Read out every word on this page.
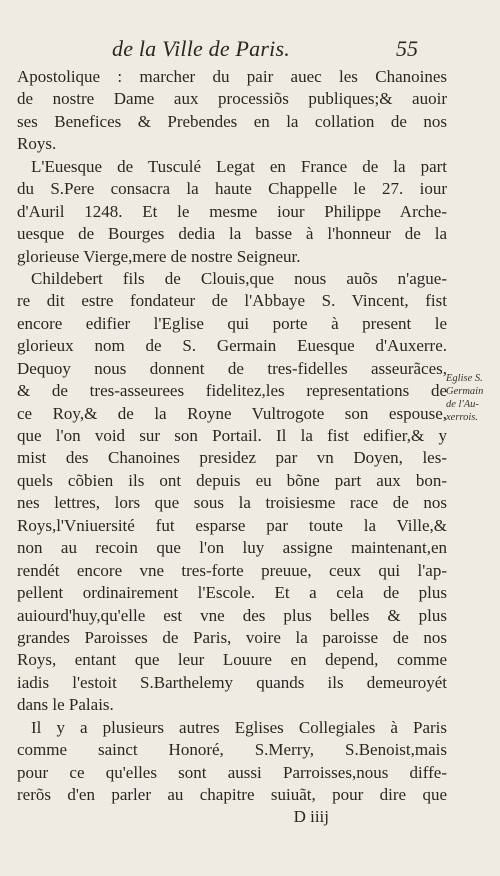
de la Ville de Paris.	55
Apostolique : marcher du pair auec les Chanoines
de nostre Dame aux processiõs publiques;& auoir
ses Benefices & Prebendes en la collation de nos
Roys.
L'Euesque de Tusculé Legat en France de la part
du S.Pere consacra la haute Chappelle le 27. iour
d'Auril 1248. Et le mesme iour Philippe Arche-
uesque de Bourges dedia la basse à l'honneur de la
glorieuse Vierge,mere de nostre Seigneur.
Childebert fils de Clouis,que nous auõs n'ague-
re dit estre fondateur de l'Abbaye S. Vincent, fist
encore edifier l'Eglise qui porte à present le
glorieux nom de S. Germain Euesque d'Auxerre.
Dequoy nous donnent de tres-fidelles asseurãces,
& de tres-asseurees fidelitez,les representations de
ce Roy,& de la Royne Vultrogote son espouse,
que l'on void sur son Portail. Il la fist edifier,& y
mist des Chanoines presidez par vn Doyen, les-
quels cõbien ils ont depuis eu bõne part aux bon-
nes lettres, lors que sous la troisiesme race de nos
Roys,l'Vniuersité fut esparse par toute la Ville,&
non au recoin que l'on luy assigne maintenant,en
rendét encore vne tres-forte preuue, ceux qui l'ap-
pellent ordinairement l'Escole. Et a cela de plus
auiourd'huy,qu'elle est vne des plus belles & plus
grandes Paroisses de Paris, voire la paroisse de nos
Roys, entant que leur Louure en depend, comme
iadis l'estoit S.Barthelemy quands ils demeuroyét
dans le Palais.
Il y a plusieurs autres Eglises Collegiales à Paris
comme sainct Honoré, S.Merry, S.Benoist,mais
pour ce qu'elles sont aussi Parroisses,nous diffe-
rerõs d'en parler au chapitre suiuãt, pour dire que
D iiij
Eglise S.
Germain
de l'Au-
xerrois.
